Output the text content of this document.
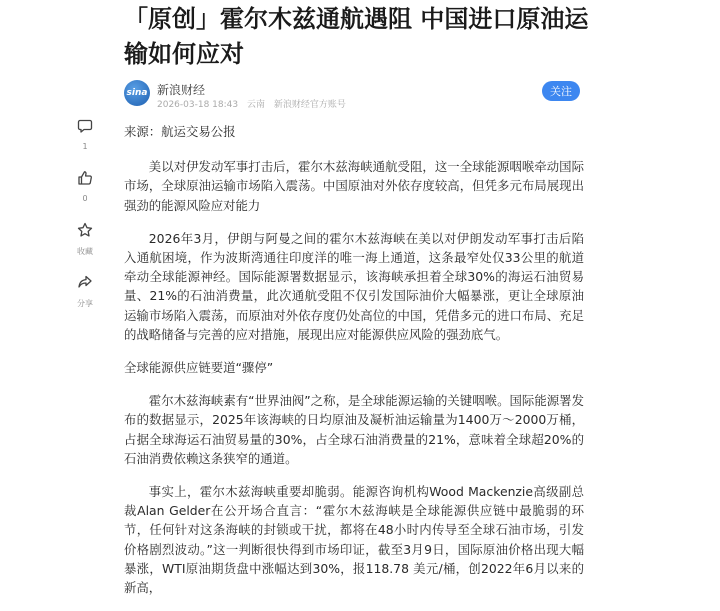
「原创」霍尔木兹通航遇阻 中国进口原油运输如何应对
sina 新浪财经
2026-03-18 18:43 云南 新浪财经官方账号
关注
1
0
收藏
分享

来源：航运交易公报

美以对伊发动军事打击后，霍尔木兹海峡通航受阻，这一全球能源咽喉牵动国际市场，全球原油运输市场陷入震荡。中国原油对外依存度较高，但凭多元布局展现出强劲的能源风险应对能力

2026年3月，伊朗与阿曼之间的霍尔木兹海峡在美以对伊朗发动军事打击后陷入通航困境，作为波斯湾通往印度洋的唯一海上通道，这条最窄处仅33公里的航道牵动全球能源神经。国际能源署数据显示，该海峡承担着全球30%的海运石油贸易量、21%的石油消费量，此次通航受阻不仅引发国际油价大幅暴涨，更让全球原油运输市场陷入震荡，而原油对外依存度仍处高位的中国，凭借多元的进口布局、充足的战略储备与完善的应对措施，展现出应对能源供应风险的强劲底气。

全球能源供应链要道“骤停”

霍尔木兹海峡素有“世界油阀”之称，是全球能源运输的关键咽喉。国际能源署发布的数据显示，2025年该海峡的日均原油及凝析油运输量为1400万～2000万桶，占据全球海运石油贸易量的30%，占全球石油消费量的21%，意味着全球超20%的石油消费依赖这条狭窄的通道。

事实上，霍尔木兹海峡重要却脆弱。能源咨询机构Wood Mackenzie高级副总裁Alan Gelder在公开场合直言：“霍尔木兹海峡是全球能源供应链中最脆弱的环节，任何针对这条海峡的封锁或干扰，都将在48小时内传导至全球石油市场，引发价格剧烈波动。”这一判断很快得到市场印证，截至3月9日，国际原油价格出现大幅暴涨，WTI原油期货盘中涨幅达到30%，报118.78 美元/桶，创2022年6月以来的新高，
